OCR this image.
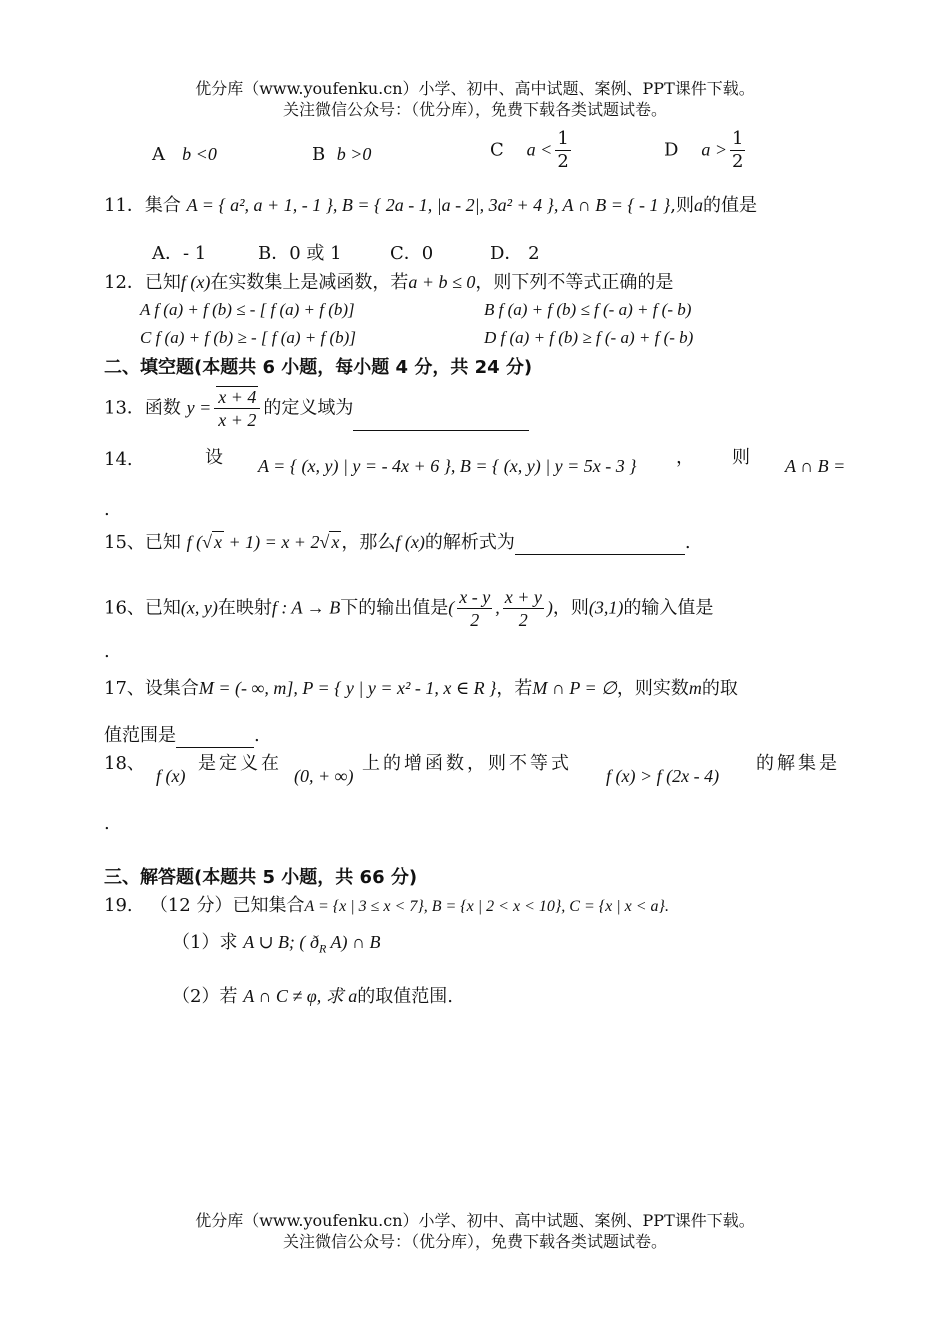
优分库（www.youfenku.cn）小学、初中、高中试题、案例、PPT课件下载。
关注微信公众号：（优分库），免费下载各类试题试卷。
A b <0	B b >0	C $a < \frac{1}{2}$	D $a > \frac{1}{2}$
11．集合 A = { a², a + 1, - 1 }, B = { 2a - 1, |a - 2|, 3a² + 4 }, A ∩ B = { - 1 },则a的值是
A．- 1	B．0 或 1	C．0	D． 2
12．已知f (x)在实数集上是减函数，若a + b ≤ 0，则下列不等式正确的是
A f (a) + f (b) ≤ - [ f (a) + f (b)]	B f (a) + f (b) ≤ f (- a) + f (- b)
C f (a) + f (b) ≥ - [ f (a) + f (b)]	D f (a) + f (b) ≥ f (- a) + f (- b)
二、填空题(本题共 6 小题，每小题 4 分，共 24 分)
13．函数 $y = \frac{x + 4}{x + 2}$ 的定义域为
14.	设 A = { (x, y) | y = - 4x + 6 }, B = { (x, y) | y = 5x - 3 } ， 则 A ∩ B =
.
15、已知 f (√ x + 1) = x + 2√ x ，那么f (x)的解析式为	.
16、已知(x, y)在映射f : A → B下的输出值是( $\frac{x - y}{2}$ , $\frac{x + y}{2}$ )，则(3,1)的输入值是
.
17、设集合M = (- ∞, m], P = { y | y = x² - 1, x ∈ R }，若M ∩ P = ∅，则实数m的取
值范围是	.
18、
f (x)
是定义在
(0, + ∞)
上的增函数，则不等式
f (x) > f (2x - 4)
的解集是
.
三、解答题(本题共 5 小题，共 66 分)
19. （12 分）已知集合A = {x | 3 ≤ x < 7}, B = {x | 2 < x < 10}, C = {x | x < a}.
（1）求 A ∪ B; ( $ð_R$ A) ∩ B
（2）若 A ∩ C ≠ φ, 求 a的取值范围.
优分库（www.youfenku.cn）小学、初中、高中试题、案例、PPT课件下载。
关注微信公众号：（优分库），免费下载各类试题试卷。
